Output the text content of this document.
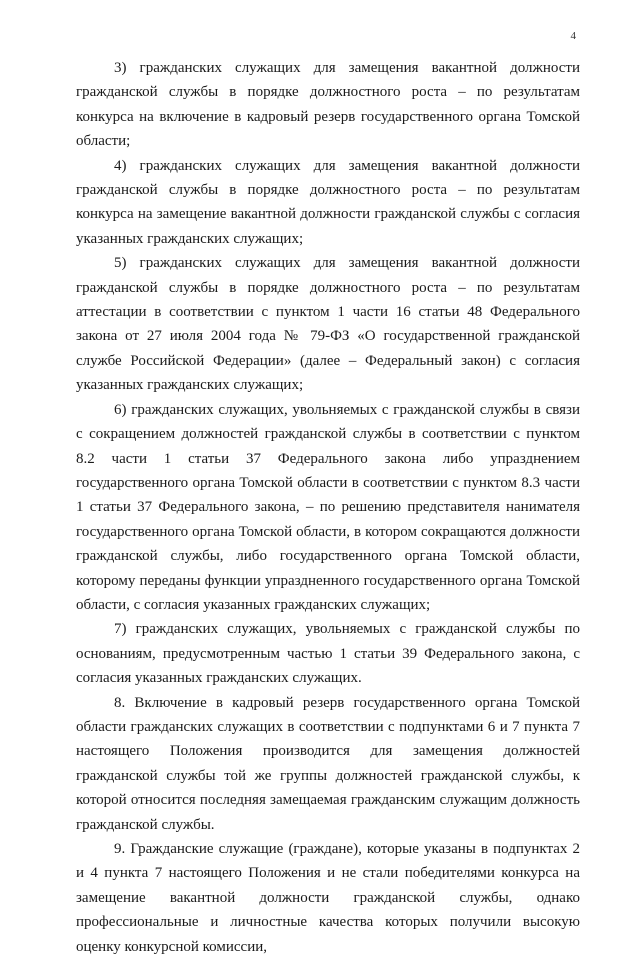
4

3) гражданских служащих для замещения вакантной должности гражданской службы в порядке должностного роста – по результатам конкурса на включение в кадровый резерв государственного органа Томской области;

4) гражданских служащих для замещения вакантной должности гражданской службы в порядке должностного роста – по результатам конкурса на замещение вакантной должности гражданской службы с согласия указанных гражданских служащих;

5) гражданских служащих для замещения вакантной должности гражданской службы в порядке должностного роста – по результатам аттестации в соответствии с пунктом 1 части 16 статьи 48 Федерального закона от 27 июля 2004 года № 79-ФЗ «О государственной гражданской службе Российской Федерации» (далее – Федеральный закон) с согласия указанных гражданских служащих;

6) гражданских служащих, увольняемых с гражданской службы в связи с сокращением должностей гражданской службы в соответствии с пунктом 8.2 части 1 статьи 37 Федерального закона либо упразднением государственного органа Томской области в соответствии с пунктом 8.3 части 1 статьи 37 Федерального закона, – по решению представителя нанимателя государственного органа Томской области, в котором сокращаются должности гражданской службы, либо государственного органа Томской области, которому переданы функции упраздненного государственного органа Томской области, с согласия указанных гражданских служащих;

7) гражданских служащих, увольняемых с гражданской службы по основаниям, предусмотренным частью 1 статьи 39 Федерального закона, с согласия указанных гражданских служащих.

8. Включение в кадровый резерв государственного органа Томской области гражданских служащих в соответствии с подпунктами 6 и 7 пункта 7 настоящего Положения производится для замещения должностей гражданской службы той же группы должностей гражданской службы, к которой относится последняя замещаемая гражданским служащим должность гражданской службы.

9. Гражданские служащие (граждане), которые указаны в подпунктах 2 и 4 пункта 7 настоящего Положения и не стали победителями конкурса на замещение вакантной должности гражданской службы, однако профессиональные и личностные качества которых получили высокую оценку конкурсной комиссии,
